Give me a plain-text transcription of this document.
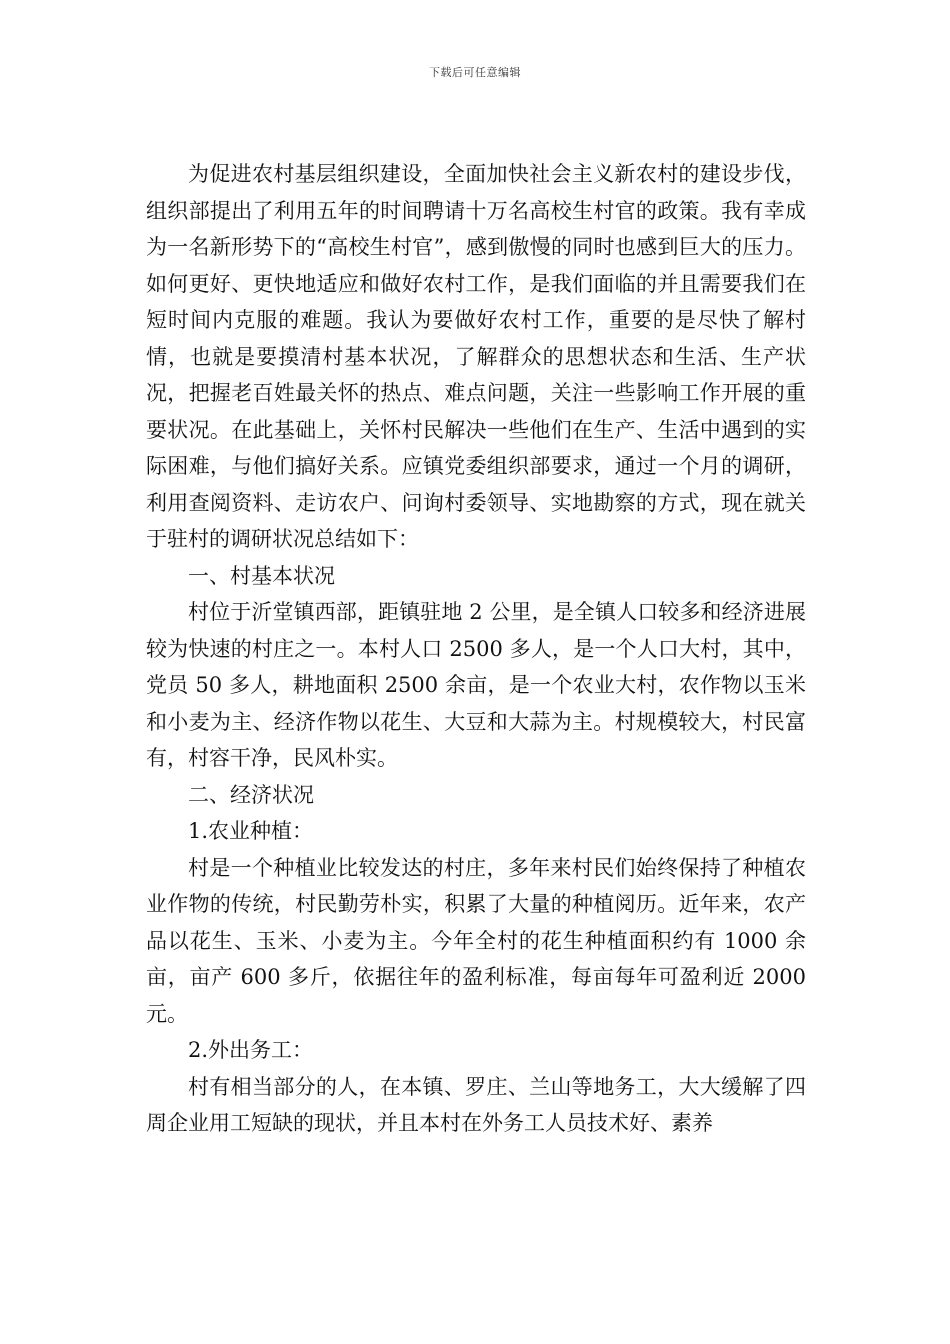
下载后可任意编辑

为促进农村基层组织建设，全面加快社会主义新农村的建设步伐，组织部提出了利用五年的时间聘请十万名高校生村官的政策。我有幸成为一名新形势下的“高校生村官”，感到傲慢的同时也感到巨大的压力。如何更好、更快地适应和做好农村工作，是我们面临的并且需要我们在短时间内克服的难题。我认为要做好农村工作，重要的是尽快了解村情，也就是要摸清村基本状况，了解群众的思想状态和生活、生产状况，把握老百姓最关怀的热点、难点问题，关注一些影响工作开展的重要状况。在此基础上，关怀村民解决一些他们在生产、生活中遇到的实际困难，与他们搞好关系。应镇党委组织部要求，通过一个月的调研，利用查阅资料、走访农户、问询村委领导、实地勘察的方式，现在就关于驻村的调研状况总结如下：

一、村基本状况

村位于沂堂镇西部，距镇驻地 2 公里，是全镇人口较多和经济进展较为快速的村庄之一。本村人口 2500 多人，是一个人口大村，其中，党员 50 多人，耕地面积 2500 余亩，是一个农业大村，农作物以玉米和小麦为主、经济作物以花生、大豆和大蒜为主。村规模较大，村民富有，村容干净，民风朴实。

二、经济状况

1.农业种植：

村是一个种植业比较发达的村庄，多年来村民们始终保持了种植农业作物的传统，村民勤劳朴实，积累了大量的种植阅历。近年来，农产品以花生、玉米、小麦为主。今年全村的花生种植面积约有 1000 余亩，亩产 600 多斤，依据往年的盈利标准，每亩每年可盈利近 2000 元。

2.外出务工：

村有相当部分的人，在本镇、罗庄、兰山等地务工，大大缓解了四周企业用工短缺的现状，并且本村在外务工人员技术好、素养
